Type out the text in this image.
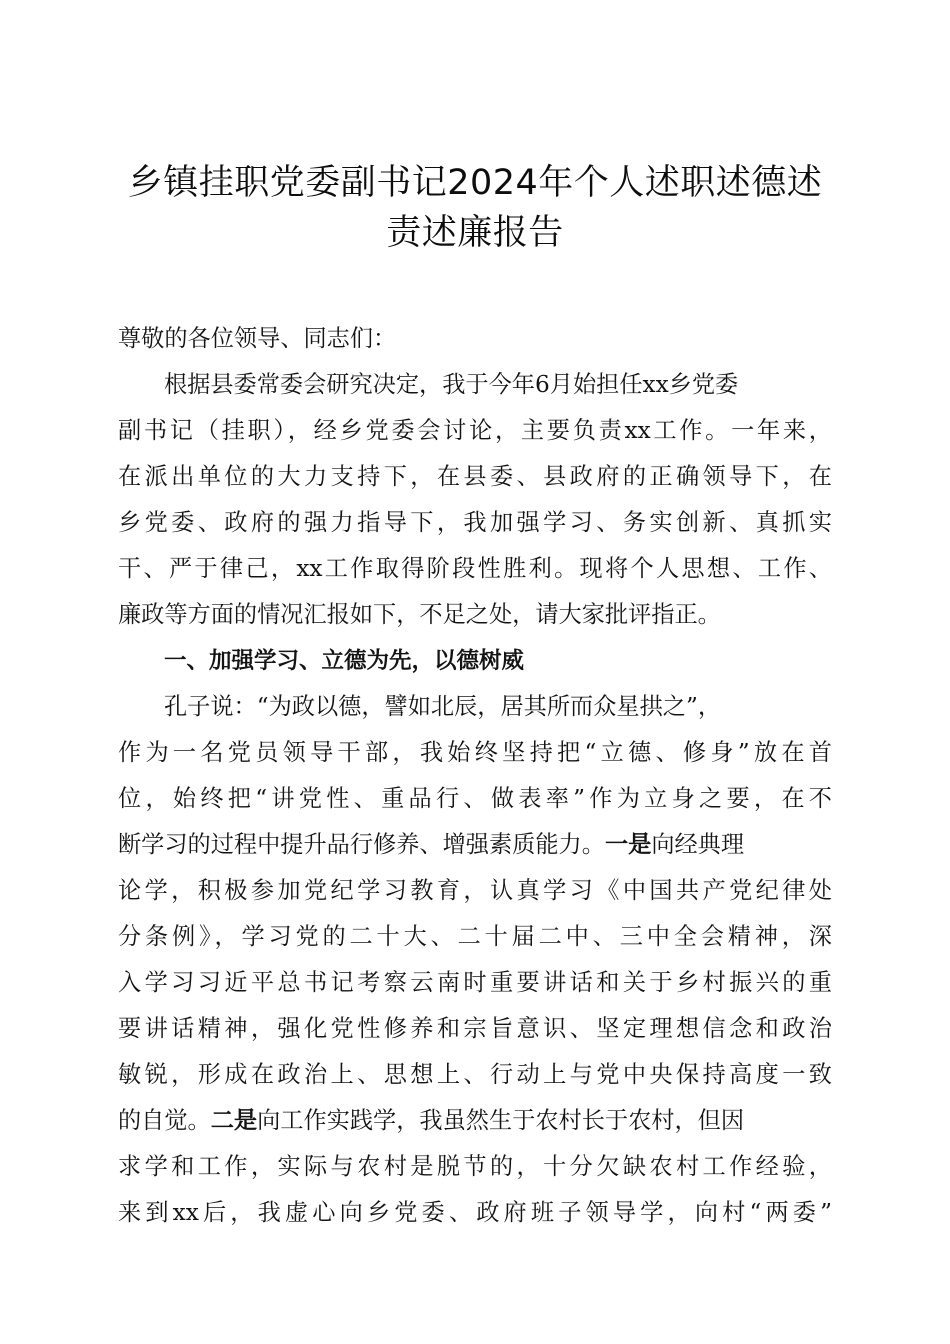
乡镇挂职党委副书记2024年个人述职述德述
责述廉报告
尊敬的各位领导、同志们：
根据县委常委会研究决定，我于今年6月始担任xx乡党委
副书记（挂职），经乡党委会讨论，主要负责xx工作。一年来，
在派出单位的大力支持下，在县委、县政府的正确领导下，在
乡党委、政府的强力指导下，我加强学习、务实创新、真抓实
干、严于律己，xx工作取得阶段性胜利。现将个人思想、工作、
廉政等方面的情况汇报如下，不足之处，请大家批评指正。
一、加强学习、立德为先，以德树威
孔子说：“为政以德，譬如北辰，居其所而众星拱之”，
作为一名党员领导干部，我始终坚持把“立德、修身”放在首
位，始终把“讲党性、重品行、做表率”作为立身之要，在不
断学习的过程中提升品行修养、增强素质能力。一是向经典理
论学，积极参加党纪学习教育，认真学习《中国共产党纪律处
分条例》，学习党的二十大、二十届二中、三中全会精神，深
入学习习近平总书记考察云南时重要讲话和关于乡村振兴的重
要讲话精神，强化党性修养和宗旨意识、坚定理想信念和政治
敏锐，形成在政治上、思想上、行动上与党中央保持高度一致
的自觉。二是向工作实践学，我虽然生于农村长于农村，但因
求学和工作，实际与农村是脱节的，十分欠缺农村工作经验，
来到xx后，我虚心向乡党委、政府班子领导学，向村“两委”
